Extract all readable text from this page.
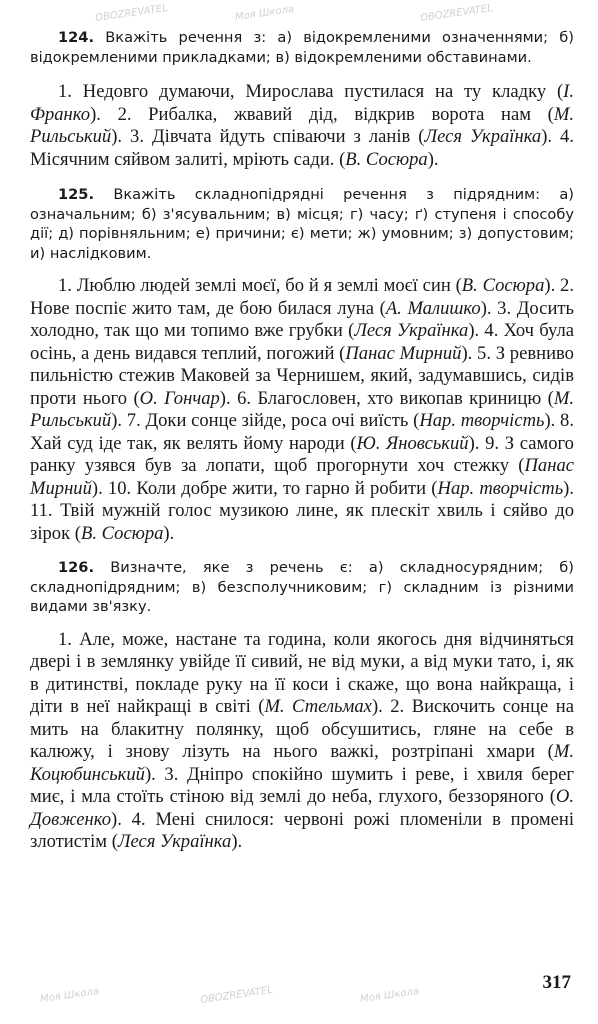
OBOZREVATEL	Моя Школа	OBOZREVATEL
Моя Школа	OBOZREVATEL	Моя Школа

124. Вкажіть речення з: а) відокремленими означеннями; б) відокремленими прикладками; в) відокремленими обставинами.

1. Недовго думаючи, Мирослава пустилася на ту кладку (І. Франко). 2. Рибалка, жвавий дід, відкрив ворота нам (М. Рильський). 3. Дівчата йдуть співаючи з ланів (Леся Українка). 4. Місячним сяйвом залиті, мріють сади. (В. Сосюра).

125. Вкажіть складнопідрядні речення з підрядним: а) означальним; б) з'ясувальним; в) місця; г) часу; ґ) ступеня і способу дії; д) порівняльним; е) причини; є) мети; ж) умовним; з) допустовим; и) наслідковим.

1. Люблю людей землі моєї, бо й я землі моєї син (В. Сосюра). 2. Нове поспіє жито там, де бою билася луна (А. Малишко). 3. Досить холодно, так що ми топимо вже грубки (Леся Українка). 4. Хоч була осінь, а день видався теплий, погожий (Панас Мирний). 5. З ревниво пильністю стежив Маковей за Чернишем, який, задумавшись, сидів проти нього (О. Гончар). 6. Благословен, хто викопав криницю (М. Рильський). 7. Доки сонце зійде, роса очі виїсть (Нар. творчість). 8. Хай суд іде так, як велять йому народи (Ю. Яновський). 9. З самого ранку узявся був за лопати, щоб прогорнути хоч стежку (Панас Мирний). 10. Коли добре жити, то гарно й робити (Нар. творчість). 11. Твій мужній голос музикою лине, як плескіт хвиль і сяйво до зірок (В. Сосюра).

126. Визначте, яке з речень є: а) складносурядним; б) складнопідрядним; в) безсполучниковим; г) складним із різними видами зв'язку.

1. Але, може, настане та година, коли якогось дня відчиняться двері і в землянку увійде її сивий, не від муки, а від муки тато, і, як в дитинстві, покладе руку на її коси і скаже, що вона найкраща, і діти в неї найкращі в світі (М. Стельмах). 2. Вискочить сонце на мить на блакитну полянку, щоб обсушитись, гляне на себе в калюжу, і знову лізуть на нього важкі, розтріпані хмари (М. Коцюбинський). 3. Дніпро спокійно шумить і реве, і хвиля берег миє, і мла стоїть стіною від землі до неба, глухого, беззоряного (О. Довженко). 4. Мені снилося: червоні рожі пломеніли в промені злотистім (Леся Українка).

317
